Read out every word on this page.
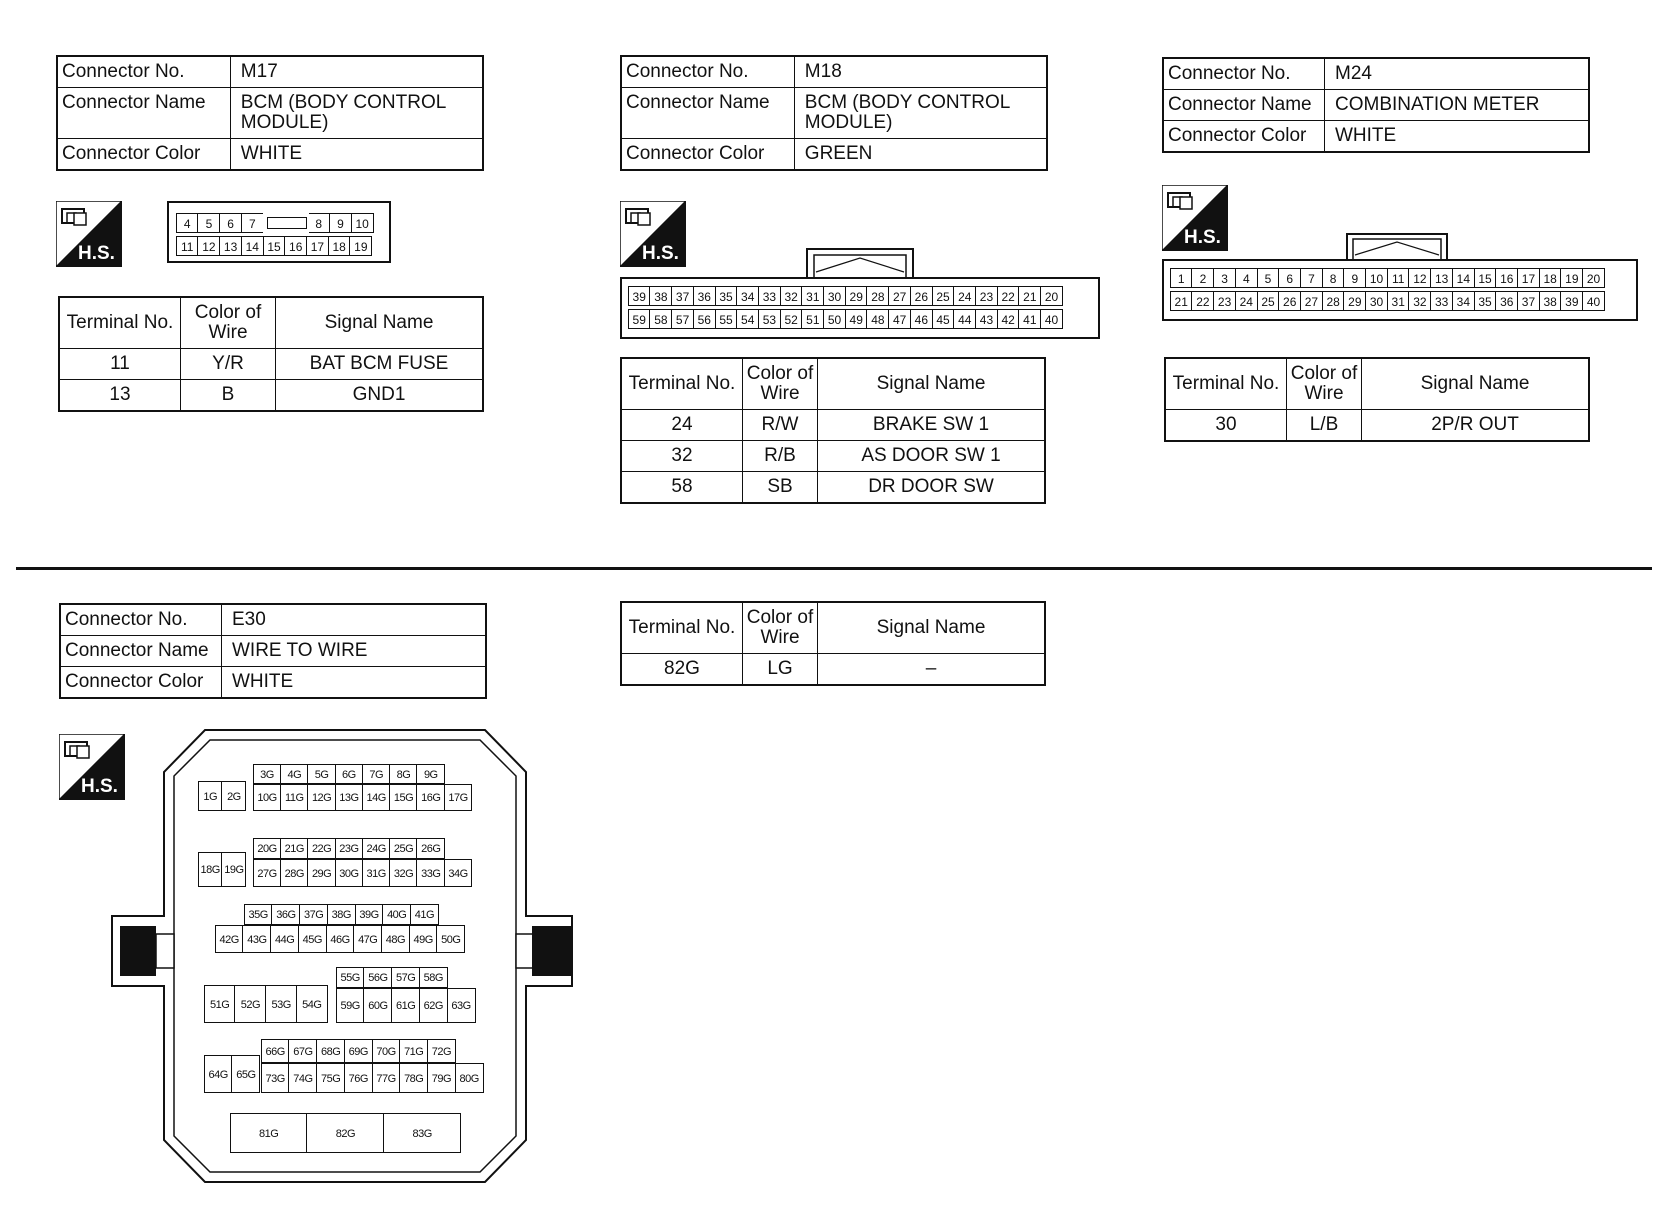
Connector No.	M17
Connector Name	BCM (BODY CONTROL MODULE)
Connector Color	WHITE
H.S.
4	5	6	7	8	9 10
11 12 13 14 15 16 17 18 19
Terminal No.	Color of Wire	Signal Name
11	Y/R	BAT BCM FUSE
13	B	GND1
Connector No.	M18
Connector Name	BCM (BODY CONTROL MODULE)
Connector Color	GREEN
H.S.
39 38 37 36 35 34 33 32 31 30 29 28 27 26 25 24 23 22 21 20
59 58 57 56 55 54 53 52 51 50 49 48 47 46 45 44 43 42 41 40
Terminal No.	Color of Wire	Signal Name
24	R/W	BRAKE SW 1
32	R/B	AS DOOR SW 1
58	SB	DR DOOR SW
Connector No.	M24
Connector Name	COMBINATION METER
Connector Color	WHITE
H.S.
1	2	3	4	5	6	7	8	9 10 11 12 13 14 15 16 17 18 19 20
21 22 23 24 25 26 27 28 29 30 31 32 33 34 35 36 37 38 39 40
Terminal No.	Color of Wire	Signal Name
30	L/B	2P/R OUT
Connector No.	E30
Connector Name	WIRE TO WIRE
Connector Color	WHITE
H.S.	1G 2G
3G	4G	5G	6G	7G	8G	9G
10G 11G 12G 13G 14G 15G 16G 17G
18G 19G
20G 21G 22G 23G 24G 25G 26G
27G 28G 29G 30G 31G 32G 33G 34G
35G 36G 37G 38G 39G 40G 41G
42G 43G 44G 45G 46G 47G 48G 49G 50G
51G	52G	53G	54G
55G 56G 57G 58G
59G 60G 61G 62G 63G
64G 65G
66G 67G 68G 69G 70G 71G 72G
73G 74G 75G 76G 77G 78G 79G 80G
81G	82G	83G
Terminal No.	Color of Wire	Signal Name
82G	LG	–
